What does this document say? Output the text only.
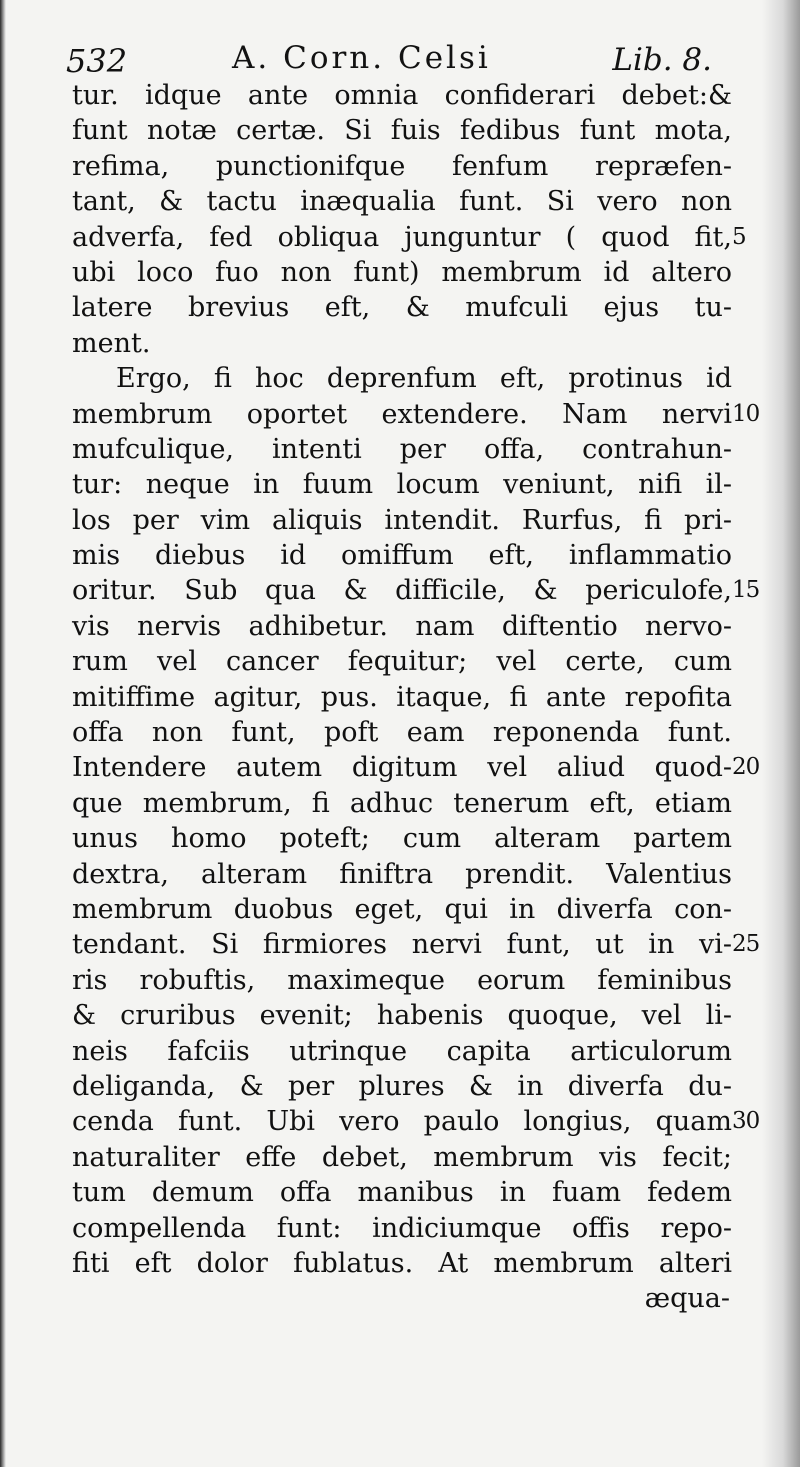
532	A. Corn. Celsi	Lib. 8.
tur. idque ante omnia confiderari debet:&
funt notæ certæ. Si fuis fedibus funt mota,
refima, punctionifque fenfum repræfen-
tant, & tactu inæqualia funt. Si vero non
adverfa, fed obliqua junguntur ( quod fit, 5
ubi loco fuo non funt) membrum id altero
latere brevius eft, & mufculi ejus tu-
ment.
Ergo, fi hoc deprenfum eft, protinus id
membrum oportet extendere. Nam nervi 10
mufculique, intenti per offa, contrahun-
tur: neque in fuum locum veniunt, nifi il-
los per vim aliquis intendit. Rurfus, fi pri-
mis diebus id omiffum eft, inflammatio
oritur. Sub qua & difficile, & periculofe, 15
vis nervis adhibetur. nam diftentio nervo-
rum vel cancer fequitur; vel certe, cum
mitiffime agitur, pus. itaque, fi ante repofita
offa non funt, poft eam reponenda funt.
Intendere autem digitum vel aliud quod- 20
que membrum, fi adhuc tenerum eft, etiam
unus homo poteft; cum alteram partem
dextra, alteram finiftra prendit. Valentius
membrum duobus eget, qui in diverfa con-
tendant. Si firmiores nervi funt, ut in vi- 25
ris robuftis, maximeque eorum feminibus
& cruribus evenit; habenis quoque, vel li-
neis fafciis utrinque capita articulorum
deliganda, & per plures & in diverfa du-
cenda funt. Ubi vero paulo longius, quam 30
naturaliter effe debet, membrum vis fecit;
tum demum offa manibus in fuam fedem
compellenda funt: indiciumque offis repo-
fiti eft dolor fublatus. At membrum alteri
æqua-
